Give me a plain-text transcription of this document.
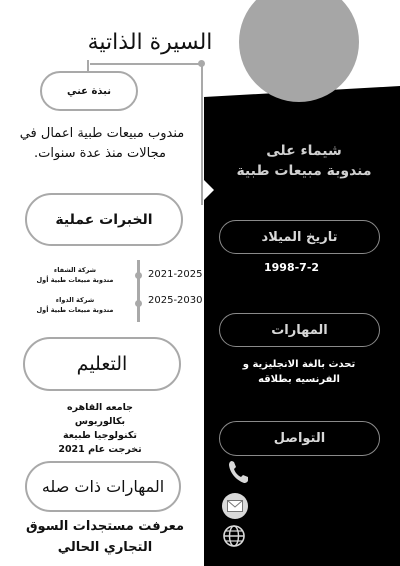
السيرة الذاتية
نبذة عني
مندوب مبيعات طبية اعمال في
مجالات منذ عدة سنوات.
الخبرات عملية
شركة الشفاء
مندوبة مبيعات طبية أول	2021-2025
شركة الدواء
مندوبة مبيعات طبية أول
2025-2030
التعليم
جامعه القاهره
بكالوريوس
تكنولوجيا طبيعة
تخرجت عام 2021
المهارات ذات صله
معرفت مستجدات السوق
التجاري الحالي
شيماء على
مندوبة مبيعات طبية
تاريخ الميلاد
1998-7-2
المهارات
تحدث بالغة الانجليزية و
الفرنسيه بطلاقه
التواصل
